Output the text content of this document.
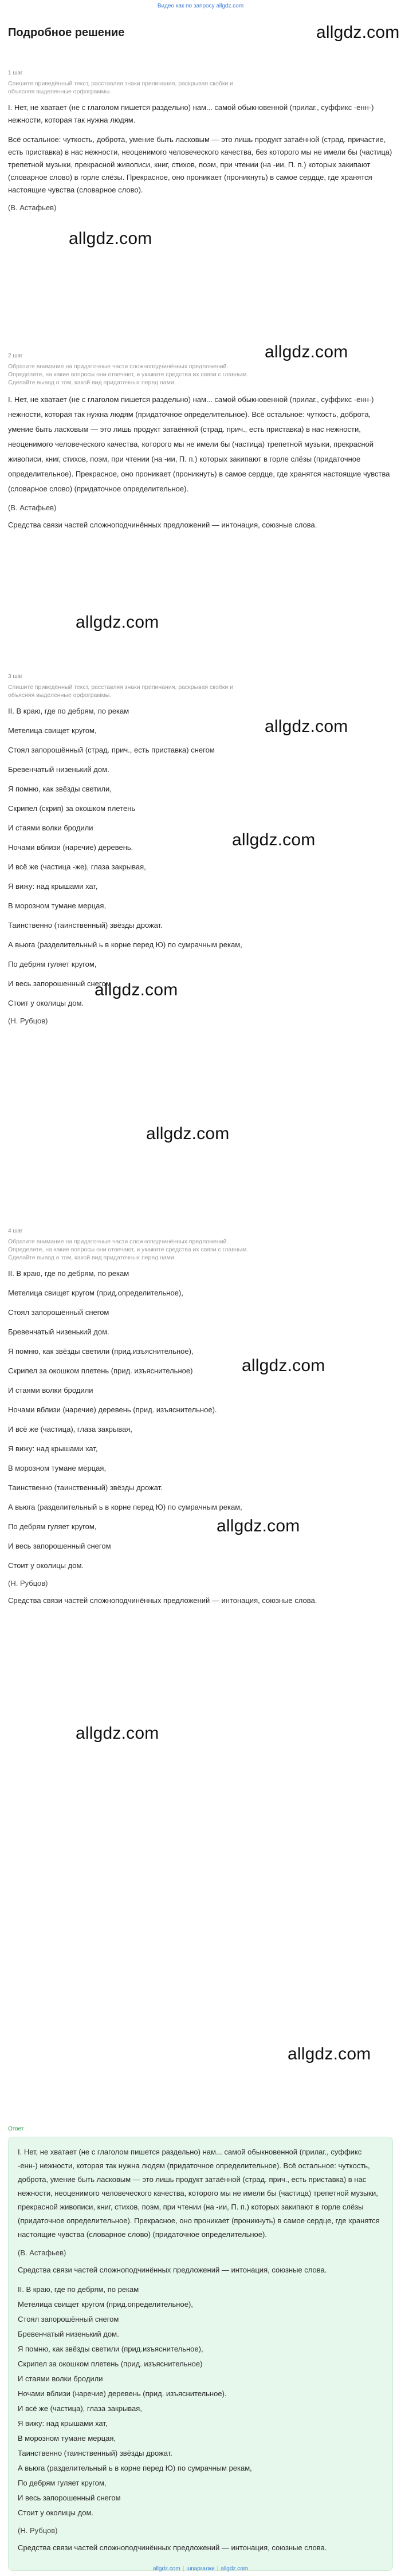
Видео как по запросу allgdz.com
Подробное решение	allgdz.com
allgdz.com
allgdz.com
allgdz.com
allgdz.com
allgdz.com
allgdz.com
allgdz.com
allgdz.com
allgdz.com
allgdz.com
allgdz.com
1 шаг

Спишите приведённый текст, расставляя знаки препинания, раскрывая скобки и объясняя выделенные орфограммы.

I. Нет, не хватает (не с глаголом пишется раздельно) нам... самой обыкновенной (прилаг., суффикс -енн-) нежности, которая так нужна людям.

Всё остальное: чуткость, доброта, умение быть ласковым — это лишь продукт затаённой (страд. причастие, есть приставка) в нас нежности, неоценимого человеческого качества, без которого мы не имели бы (частица) трепетной музыки, прекрасной живописи, книг, стихов, поэм, при чтении (на -ии, П. п.) которых закипают (словарное слово) в горле слёзы. Прекрасное, оно проникает (проникнуть) в самое сердце, где хранятся настоящие чувства (словарное слово).

(В. Астафьев)

2 шаг

Обратите внимание на придаточные части сложноподчинённых предложений. Определите, на какие вопросы они отвечают, и укажите средства их связи с главным. Сделайте вывод о том, какой вид придаточных перед нами.

I. Нет, не хватает (не с глаголом пишется раздельно) нам... самой обыкновенной (прилаг., суффикс -енн-) нежности, которая так нужна людям (придаточное определительное). Всё остальное: чуткость, доброта, умение быть ласковым — это лишь продукт затаённой (страд. прич., есть приставка) в нас нежности, неоценимого человеческого качества, которого мы не имели бы (частица) трепетной музыки, прекрасной живописи, книг, стихов, поэм, при чтении (на -ии, П. п.) которых закипают в горле слёзы (придаточное определительное). Прекрасное, оно проникает (проникнуть) в самое сердце, где хранятся настоящие чувства (словарное слово) (придаточное определительное).

(В. Астафьев)

Средства связи частей сложноподчинённых предложений — интонация, союзные слова.

3 шаг

Спишите приведённый текст, расставляя знаки препинания, раскрывая скобки и объясняя выделенные орфограммы.

II. В краю, где по дебрям, по рекам

Метелица свищет кругом,

Стоял запорошённый (страд. прич., есть приставка) снегом

Бревенчатый низенький дом.

Я помню, как звёзды светили,

Скрипел (скрип) за окошком плетень

И стаями волки бродили

Ночами вблизи (наречие) деревень.

И всё же (частица -же), глаза закрывая,

Я вижу: над крышами хат,

В морозном тумане мерцая,

Таинственно (таинственный) звёзды дрожат.

А вьюга (разделительный ь в корне перед Ю) по сумрачным рекам,

По дебрям гуляет кругом,

И весь запорошенный снегом

Стоит у околицы дом.

(Н. Рубцов)

4 шаг

Обратите внимание на придаточные части сложноподчинённых предложений. Определите, на какие вопросы они отвечают, и укажите средства их связи с главным. Сделайте вывод о том, какой вид придаточных перед нами.

II. В краю, где по дебрям, по рекам

Метелица свищет кругом (прид.определительное),

Стоял запорошённый снегом

Бревенчатый низенький дом.

Я помню, как звёзды светили (прид.изъяснительное),

Скрипел за окошком плетень (прид. изъяснительное)

И стаями волки бродили

Ночами вблизи (наречие) деревень (прид. изъяснительное).

И всё же (частица), глаза закрывая,

Я вижу: над крышами хат,

В морозном тумане мерцая,

Таинственно (таинственный) звёзды дрожат.

А вьюга (разделительный ь в корне перед Ю) по сумрачным рекам,

По дебрям гуляет кругом,

И весь запорошенный снегом

Стоит у околицы дом.

(Н. Рубцов)

Средства связи частей сложноподчинённых предложений — интонация, союзные слова.

Ответ

I. Нет, не хватает (не с глаголом пишется раздельно) нам... самой обыкновенной (прилаг., суффикс -енн-) нежности, которая так нужна людям (придаточное определительное). Всё остальное: чуткость, доброта, умение быть ласковым — это лишь продукт затаённой (страд. прич., есть приставка) в нас нежности, неоценимого человеческого качества, которого мы не имели бы (частица) трепетной музыки, прекрасной живописи, книг, стихов, поэм, при чтении (на -ии, П. п.) которых закипают в горле слёзы (придаточное определительное). Прекрасное, оно проникает (проникнуть) в самое сердце, где хранятся настоящие чувства (словарное слово) (придаточное определительное).

(В. Астафьев)

Средства связи частей сложноподчинённых предложений — интонация, союзные слова.

II. В краю, где по дебрям, по рекам

Метелица свищет кругом (прид.определительное),

Стоял запорошённый снегом

Бревенчатый низенький дом.

Я помню, как звёзды светили (прид.изъяснительное),

Скрипел за окошком плетень (прид. изъяснительное)

И стаями волки бродили

Ночами вблизи (наречие) деревень (прид. изъяснительное).

И всё же (частица), глаза закрывая,

Я вижу: над крышами хат,

В морозном тумане мерцая,

Таинственно (таинственный) звёзды дрожат.

А вьюга (разделительный ь в корне перед Ю) по сумрачным рекам,

По дебрям гуляет кругом,

И весь запорошенный снегом

Стоит у околицы дом.

(Н. Рубцов)

Средства связи частей сложноподчинённых предложений — интонация, союзные слова.

allgdz.com | шпаргалки | allgdz.com
